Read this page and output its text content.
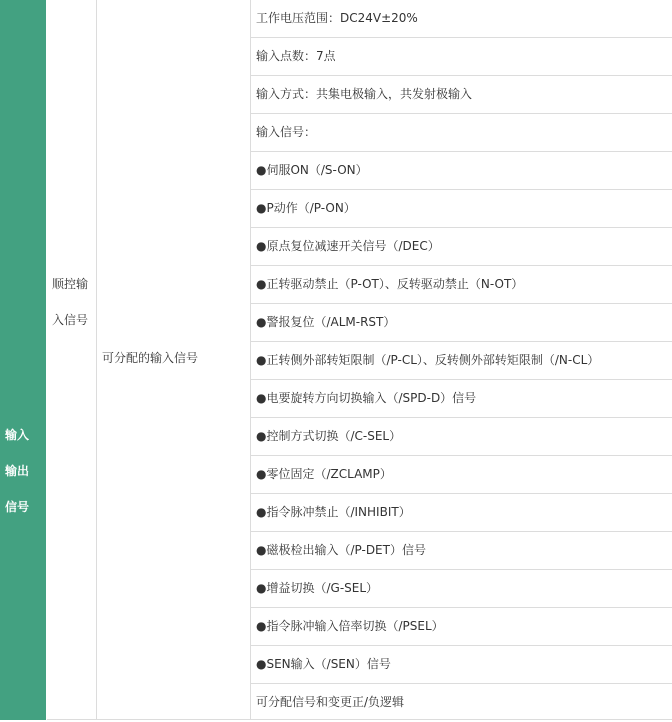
输入
输出
信号
顺控输
入信号
可分配的输入信号
工作电压范围：DC24V±20%
输入点数：7点
输入方式：共集电极输入，共发射极输入
输入信号：
●伺服ON（/S-ON）
●P动作（/P-ON）
●原点复位减速开关信号（/DEC）
●正转驱动禁止（P-OT）、反转驱动禁止（N-OT）
●警报复位（/ALM-RST）
●正转侧外部转矩限制（/P-CL）、反转侧外部转矩限制（/N-CL）
●电要旋转方向切换输入（/SPD-D）信号
●控制方式切换（/C-SEL）
●零位固定（/ZCLAMP）
●指令脉冲禁止（/INHIBIT）
●磁极检出输入（/P-DET）信号
●增益切换（/G-SEL）
●指令脉冲输入倍率切换（/PSEL）
●SEN输入（/SEN）信号
可分配信号和变更正/负逻辑
